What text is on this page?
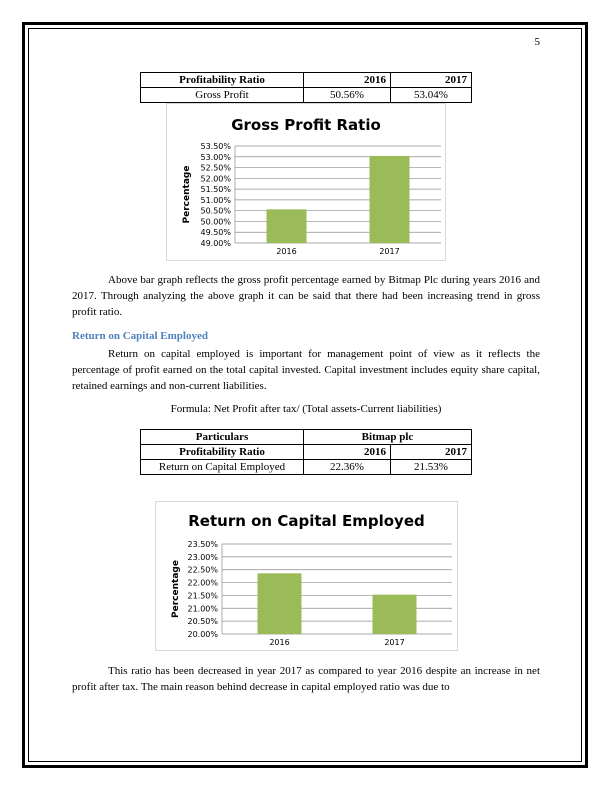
5
Profitability Ratio	2016	2017
Gross Profit	50.56%	53.04%
Gross Profit Ratio
49.00%
49.50%
50.00%
50.50%
51.00%
51.50%
52.00%
52.50%
53.00%
53.50%
2016	2017
Percentage

Above bar graph reflects the gross profit percentage earned by Bitmap Plc during years 2016 and 2017. Through analyzing the above graph it can be said that there had been increasing trend in gross profit ratio.

Return on Capital Employed

Return on capital employed is important for management point of view as it reflects the percentage of profit earned on the total capital invested. Capital investment includes equity share capital, retained earnings and non-current liabilities.

Formula: Net Profit after tax/ (Total assets-Current liabilities)
Particulars	Bitmap plc	
Profitability Ratio	2016	2017
Return on Capital Employed	22.36%	21.53%
Return on Capital Employed
20.00%
20.50%
21.00%
21.50%
22.00%
22.50%
23.00%
23.50%
2016	2017
Percentage

This ratio has been decreased in year 2017 as compared to year 2016 despite an increase in net profit after tax. The main reason behind decrease in capital employed ratio was due to
